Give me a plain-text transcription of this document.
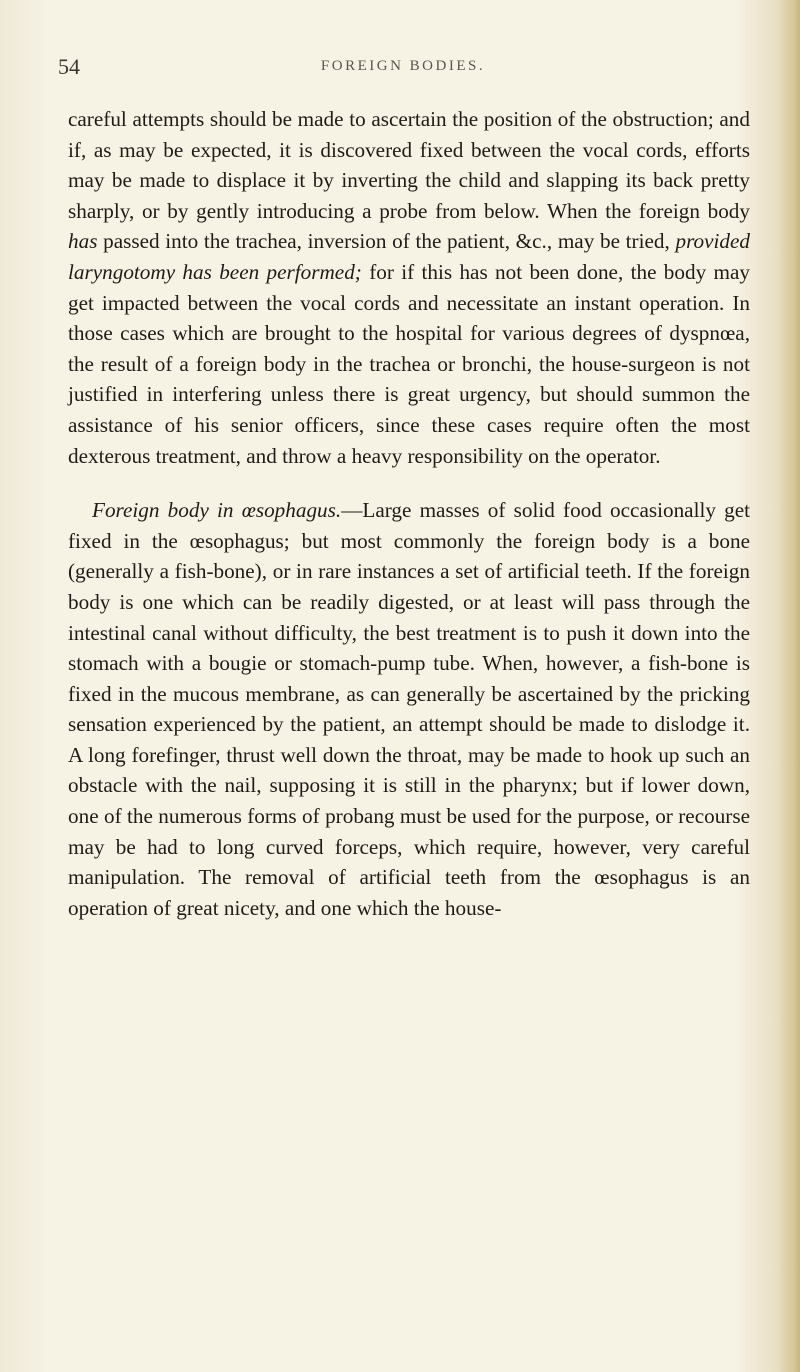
54	FOREIGN BODIES.

careful attempts should be made to ascertain the position of the obstruction; and if, as may be expected, it is discovered fixed between the vocal cords, efforts may be made to displace it by inverting the child and slapping its back pretty sharply, or by gently introducing a probe from below. When the foreign body has passed into the trachea, inversion of the patient, &c., may be tried, provided laryngotomy has been performed; for if this has not been done, the body may get impacted between the vocal cords and necessitate an instant operation. In those cases which are brought to the hospital for various degrees of dyspnœa, the result of a foreign body in the trachea or bronchi, the house-surgeon is not justified in interfering unless there is great urgency, but should summon the assistance of his senior officers, since these cases require often the most dexterous treatment, and throw a heavy responsibility on the operator.

Foreign body in œsophagus.—Large masses of solid food occasionally get fixed in the œsophagus; but most commonly the foreign body is a bone (generally a fish-bone), or in rare instances a set of artificial teeth. If the foreign body is one which can be readily digested, or at least will pass through the intestinal canal without difficulty, the best treatment is to push it down into the stomach with a bougie or stomach-pump tube. When, however, a fish-bone is fixed in the mucous membrane, as can generally be ascertained by the pricking sensation experienced by the patient, an attempt should be made to dislodge it. A long forefinger, thrust well down the throat, may be made to hook up such an obstacle with the nail, supposing it is still in the pharynx; but if lower down, one of the numerous forms of probang must be used for the purpose, or recourse may be had to long curved forceps, which require, however, very careful manipulation. The removal of artificial teeth from the œsophagus is an operation of great nicety, and one which the house-
